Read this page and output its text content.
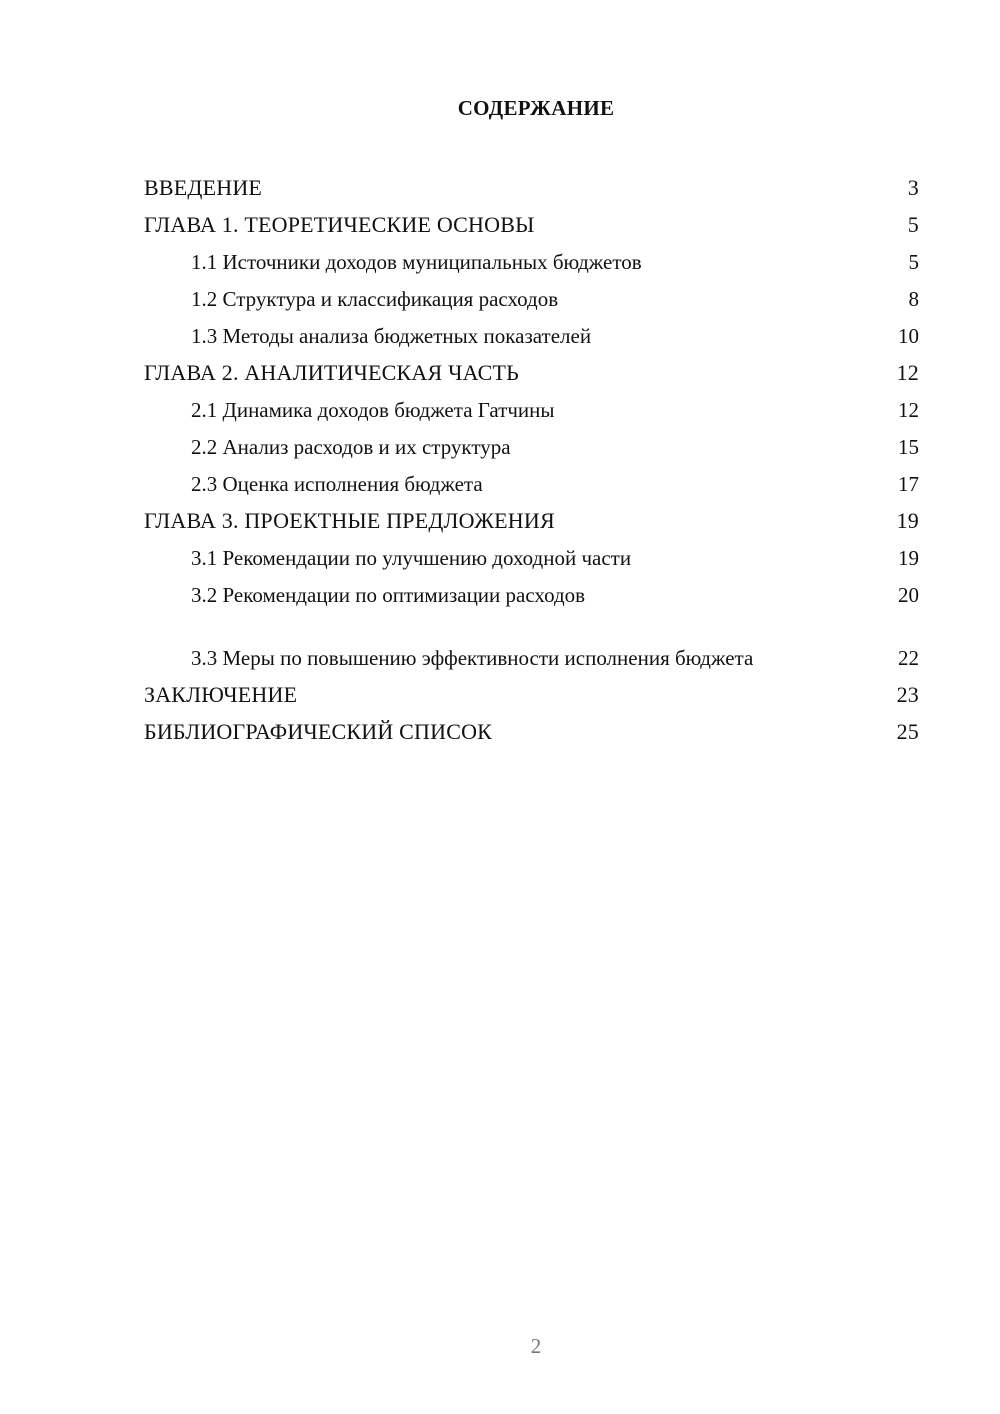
СОДЕРЖАНИЕ
ВВЕДЕНИЕ	3
ГЛАВА 1. ТЕОРЕТИЧЕСКИЕ ОСНОВЫ	5
1.1 Источники доходов муниципальных бюджетов	5
1.2 Структура и классификация расходов	8
1.3 Методы анализа бюджетных показателей	10
ГЛАВА 2. АНАЛИТИЧЕСКАЯ ЧАСТЬ	12
2.1 Динамика доходов бюджета Гатчины	12
2.2 Анализ расходов и их структура	15
2.3 Оценка исполнения бюджета	17
ГЛАВА 3. ПРОЕКТНЫЕ ПРЕДЛОЖЕНИЯ	19
3.1 Рекомендации по улучшению доходной части	19
3.2 Рекомендации по оптимизации расходов	20
3.3 Меры по повышению эффективности исполнения бюджета	22
ЗАКЛЮЧЕНИЕ	23
БИБЛИОГРАФИЧЕСКИЙ СПИСОК	25
2
